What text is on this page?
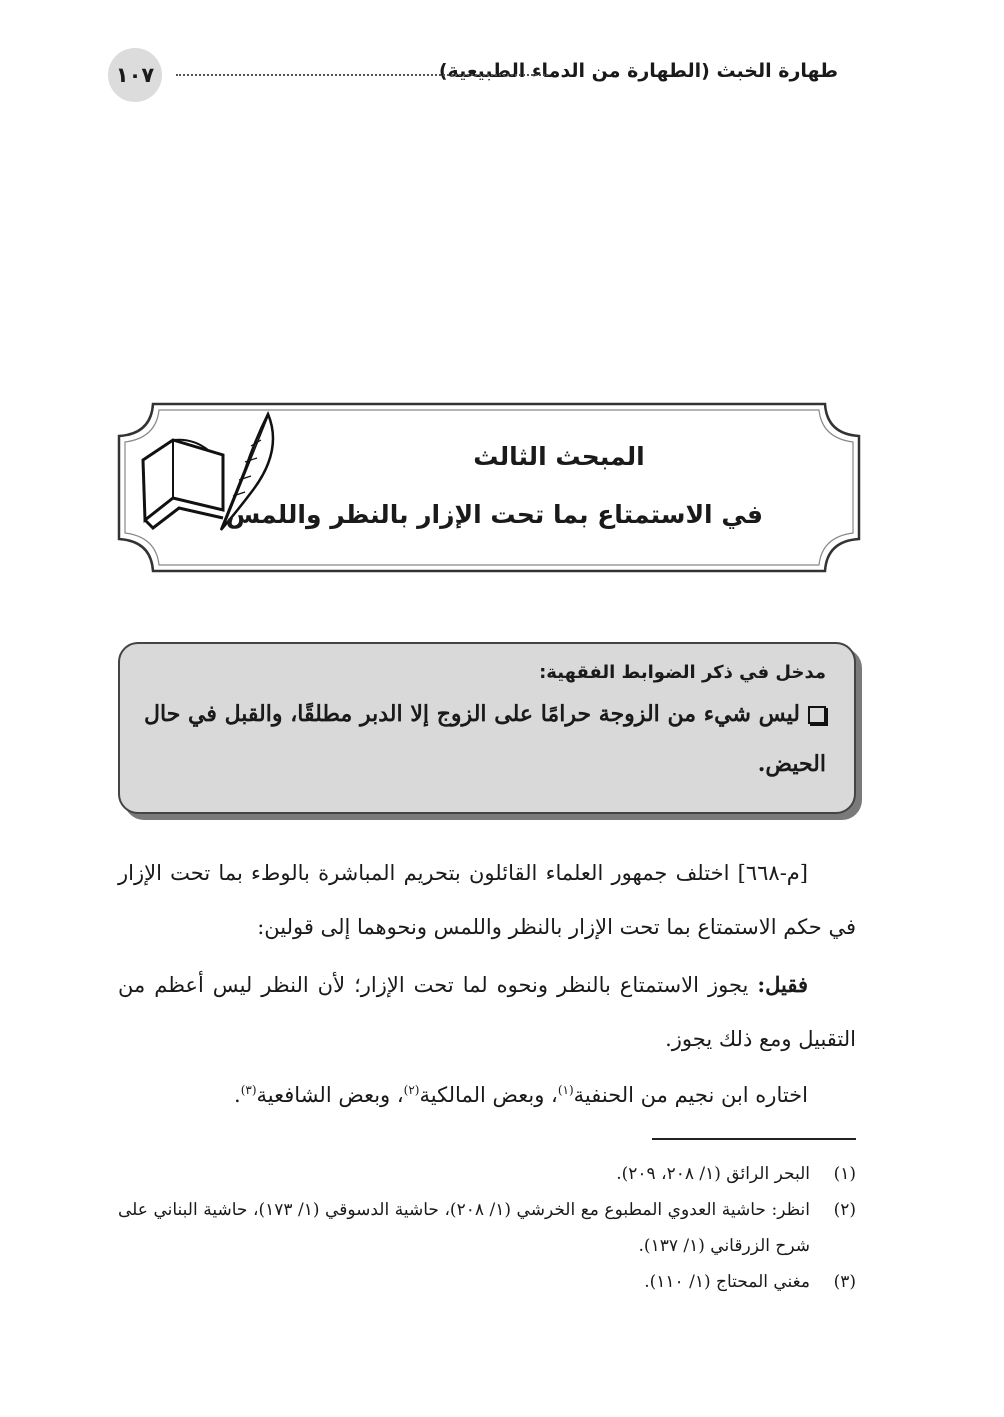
طهارة الخبث (الطهارة من الدماء الطبيعية)
١٠٧
المبحث الثالث
في الاستمتاع بما تحت الإزار بالنظر واللمس
مدخل في ذكر الضوابط الفقهية:
ليس شيء من الزوجة حرامًا على الزوج إلا الدبر مطلقًا، والقبل في حال الحيض.
[م-٦٦٨] اختلف جمهور العلماء القائلون بتحريم المباشرة بالوطء بما تحت الإزار في حكم الاستمتاع بما تحت الإزار بالنظر واللمس ونحوهما إلى قولين:
فقيل: يجوز الاستمتاع بالنظر ونحوه لما تحت الإزار؛ لأن النظر ليس أعظم من التقبيل ومع ذلك يجوز.
اختاره ابن نجيم من الحنفية$^{(١)}$، وبعض المالكية$^{(٢)}$، وبعض الشافعية$^{(٣)}$.
(١)
البحر الرائق (١/ ٢٠٨، ٢٠٩).
(٢)
انظر: حاشية العدوي المطبوع مع الخرشي (١/ ٢٠٨)، حاشية الدسوقي (١/ ١٧٣)، حاشية البناني على شرح الزرقاني (١/ ١٣٧).
(٣)
مغني المحتاج (١/ ١١٠).
